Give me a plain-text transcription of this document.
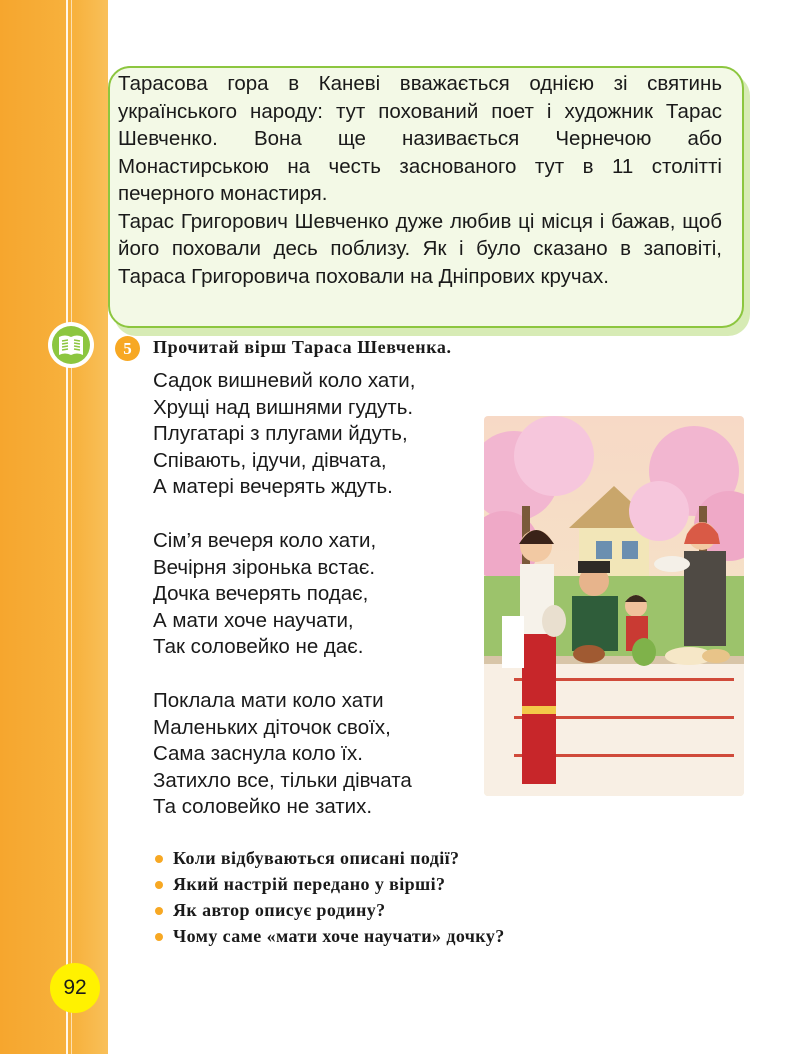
Тарасова гора в Каневі вважається однією зі святинь українського народу: тут похований поет і художник Тарас Шевченко. Вона ще називається Чернечою або Монастирською на честь заснованого тут в 11 столітті печерного монастиря.

Тарас Григорович Шевченко дуже любив ці місця і бажав, щоб його поховали десь поблизу. Як і було сказано в заповіті, Тараса Григоровича поховали на Дніпрових кручах.

5	Прочитай вірш Тараса Шевченка.
Садок вишневий коло хати,
Хрущі над вишнями гудуть.
Плугатарі з плугами йдуть,
Співають, ідучи, дівчата,
А матері вечерять ждуть.
Сім’я вечеря коло хати,
Вечірня зіронька встає.
Дочка вечерять подає,
А мати хоче научати,
Так соловейко не дає.
Поклала мати коло хати
Маленьких діточок своїх,
Сама заснула коло їх.
Затихло все, тільки дівчата
Та соловейко не затих.
Коли відбуваються описані події?
Який настрій передано у вірші?
Як автор описує родину?
Чому саме «мати хоче научати» дочку?
92
